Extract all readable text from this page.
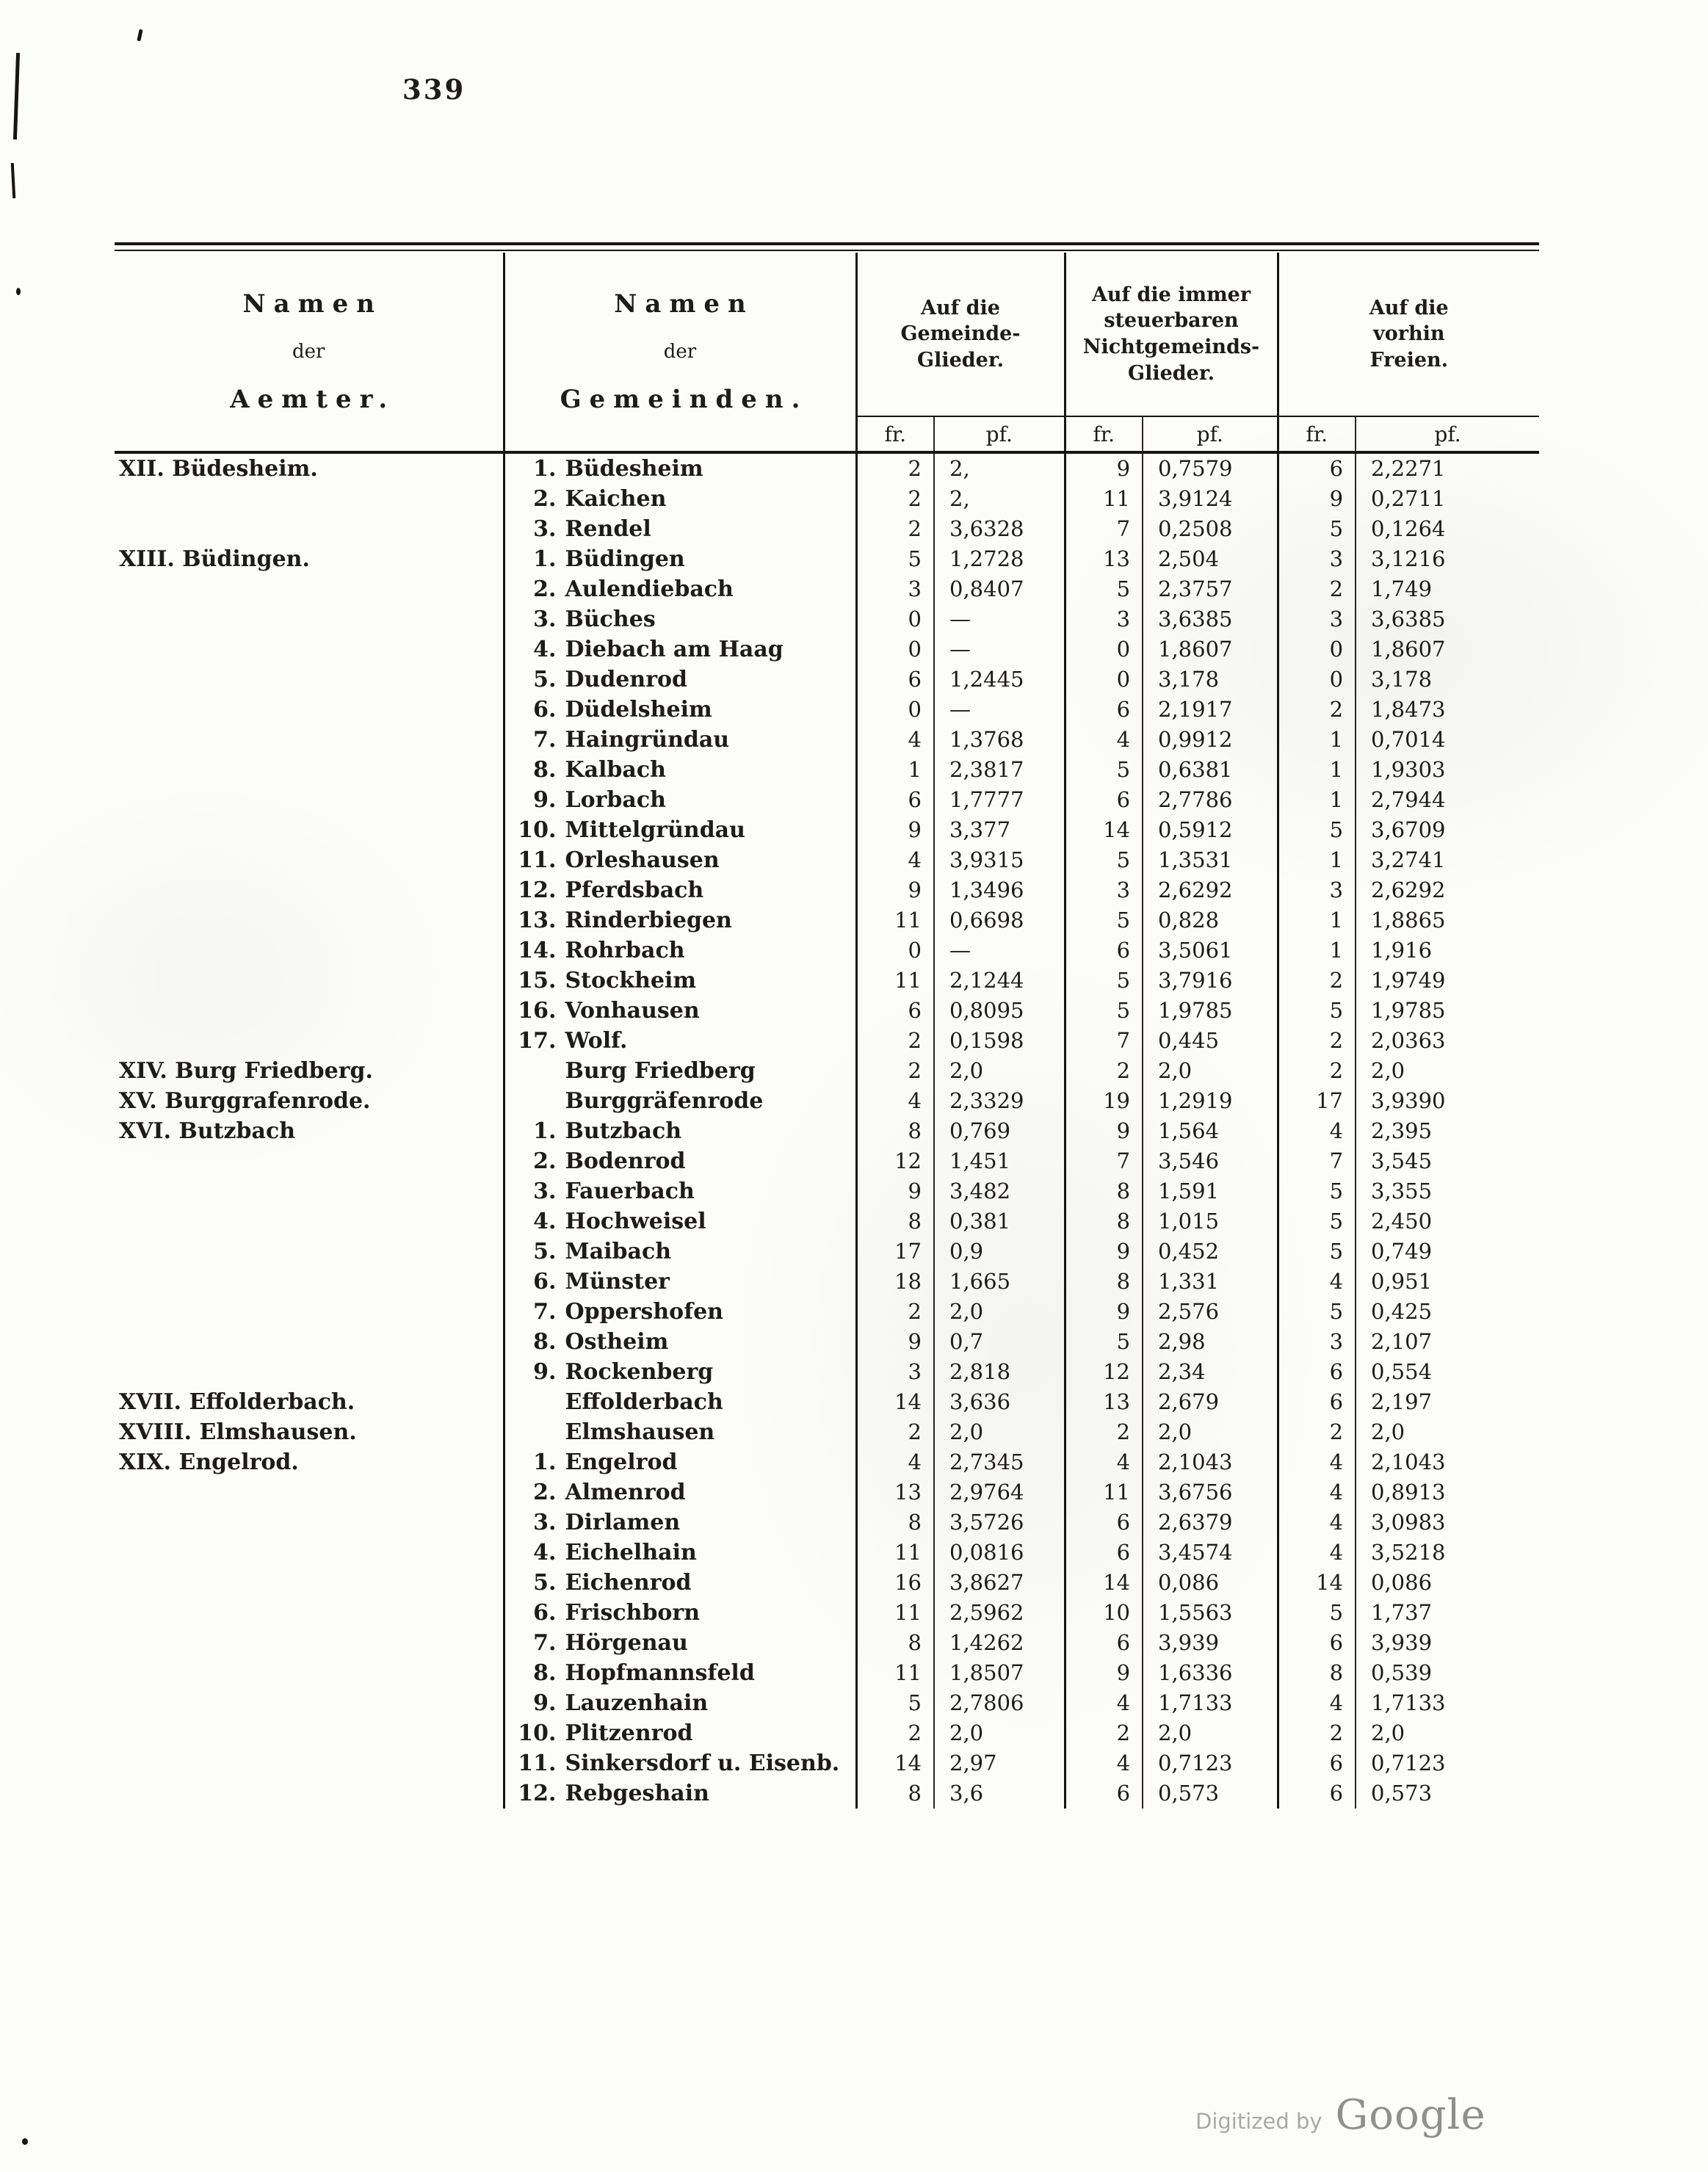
339
Namen
der
Aemter.	Namen
der
Gemeinden.	Auf die
Gemeinde-
Glieder.		Auf die immer
steuerbaren
Nichtgemeinds-
Glieder.		Auf die
vorhin
Freien.	

		fr.	pf.	fr.	pf.	fr.	pf.
XII. Büdesheim.	1. Büdesheim	2	2,	9	0,7579	6	2,2271
	2. Kaichen	2	2,	11	3,9124	9	0,2711
	3. Rendel	2	3,6328	7	0,2508	5	0,1264
XIII. Büdingen.	1. Büdingen	5	1,2728	13	2,504	3	3,1216
	2. Aulendiebach	3	0,8407	5	2,3757	2	1,749
	3. Büches	0	—	3	3,6385	3	3,6385
	4. Diebach am Haag	0	—	0	1,8607	0	1,8607
	5. Dudenrod	6	1,2445	0	3,178	0	3,178
	6. Düdelsheim	0	—	6	2,1917	2	1,8473
	7. Haingründau	4	1,3768	4	0,9912	1	0,7014
	8. Kalbach	1	2,3817	5	0,6381	1	1,9303
	9. Lorbach	6	1,7777	6	2,7786	1	2,7944
	10. Mittelgründau	9	3,377	14	0,5912	5	3,6709
	11. Orleshausen	4	3,9315	5	1,3531	1	3,2741
	12. Pferdsbach	9	1,3496	3	2,6292	3	2,6292
	13. Rinderbiegen	11	0,6698	5	0,828	1	1,8865
	14. Rohrbach	0	—	6	3,5061	1	1,916
	15. Stockheim	11	2,1244	5	3,7916	2	1,9749
	16. Vonhausen	6	0,8095	5	1,9785	5	1,9785
	17. Wolf.	2	0,1598	7	0,445	2	2,0363
XIV. Burg Friedberg.	Burg Friedberg	2	2,0	2	2,0	2	2,0
XV. Burggrafenrode.	Burggräfenrode	4	2,3329	19	1,2919	17	3,9390
XVI. Butzbach	1. Butzbach	8	0,769	9	1,564	4	2,395
	2. Bodenrod	12	1,451	7	3,546	7	3,545
	3. Fauerbach	9	3,482	8	1,591	5	3,355
	4. Hochweisel	8	0,381	8	1,015	5	2,450
	5. Maibach	17	0,9	9	0,452	5	0,749
	6. Münster	18	1,665	8	1,331	4	0,951
	7. Oppershofen	2	2,0	9	2,576	5	0,425
	8. Ostheim	9	0,7	5	2,98	3	2,107
	9. Rockenberg	3	2,818	12	2,34	6	0,554
XVII. Effolderbach.	Effolderbach	14	3,636	13	2,679	6	2,197
XVIII. Elmshausen.	Elmshausen	2	2,0	2	2,0	2	2,0
XIX. Engelrod.	1. Engelrod	4	2,7345	4	2,1043	4	2,1043
	2. Almenrod	13	2,9764	11	3,6756	4	0,8913
	3. Dirlamen	8	3,5726	6	2,6379	4	3,0983
	4. Eichelhain	11	0,0816	6	3,4574	4	3,5218
	5. Eichenrod	16	3,8627	14	0,086	14	0,086
	6. Frischborn	11	2,5962	10	1,5563	5	1,737
	7. Hörgenau	8	1,4262	6	3,939	6	3,939
	8. Hopfmannsfeld	11	1,8507	9	1,6336	8	0,539
	9. Lauzenhain	5	2,7806	4	1,7133	4	1,7133
	10. Plitzenrod	2	2,0	2	2,0	2	2,0
	11. Sinkersdorf u. Eisenb.	14	2,97	4	0,7123	6	0,7123
	12. Rebgeshain	8	3,6	6	0,573	6	0,573
Digitized by Google
